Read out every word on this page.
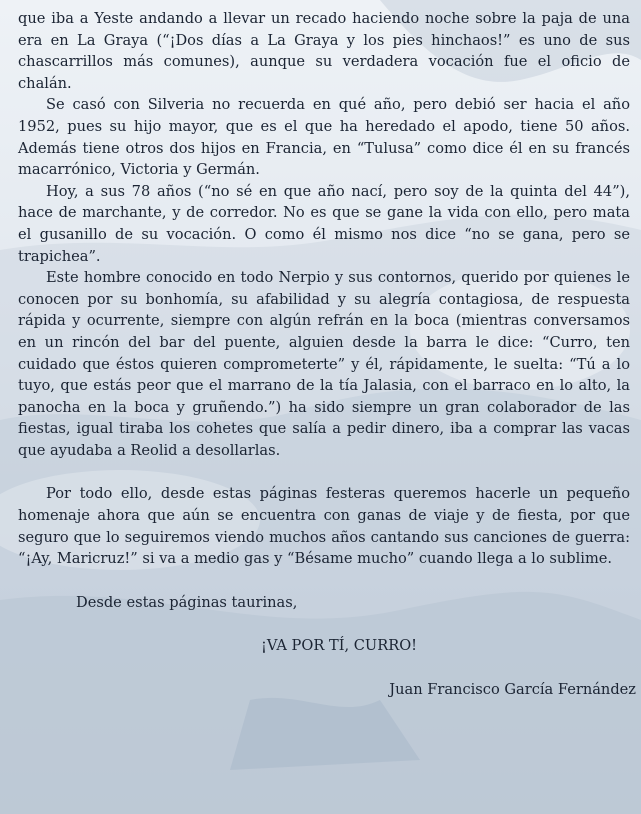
que iba a Yeste andando a llevar un recado haciendo noche sobre la paja de una era en La Graya (“¡Dos días a La Graya y los pies hinchaos!” es uno de sus chascarrillos más comunes), aunque su verdadera vocación fue el oficio de chalán.

Se casó con Silveria no recuerda en qué año, pero debió ser hacia el año 1952, pues su hijo mayor, que es el que ha heredado el apodo, tiene 50 años. Además tiene otros dos hijos en Francia, en “Tulusa” como dice él en su francés macarrónico, Victoria y Germán.

Hoy, a sus 78 años (“no sé en que año nací, pero soy de la quinta del 44”), hace de marchante, y de corredor. No es que se gane la vida con ello, pero mata el gusanillo de su vocación. O como él mismo nos dice “no se gana, pero se trapichea”.

Este hombre conocido en todo Nerpio y sus contornos, querido por quienes le conocen por su bonhomía, su afabilidad y su alegría contagiosa, de respuesta rápida y ocurrente, siempre con algún refrán en la boca (mientras conversamos en un rincón del bar del puente, alguien desde la barra le dice: “Curro, ten cuidado que éstos quieren comprometerte” y él, rápidamente, le suelta: “Tú a lo tuyo, que estás peor que el marrano de la tía Jalasia, con el barraco en lo alto, la panocha en la boca y gruñendo.”) ha sido siempre un gran colaborador de las fiestas, igual tiraba los cohetes que salía a pedir dinero, iba a comprar las vacas que ayudaba a Reolid a desollarlas.

Por todo ello, desde estas páginas festeras queremos hacerle un pequeño homenaje ahora que aún se encuentra con ganas de viaje y de fiesta, por que seguro que lo seguiremos viendo muchos años cantando sus canciones de guerra: “¡Ay, Maricruz!” si va a medio gas y “Bésame mucho” cuando llega a lo sublime.

Desde estas páginas taurinas,

¡VA POR TÍ, CURRO!

Juan Francisco García Fernández
